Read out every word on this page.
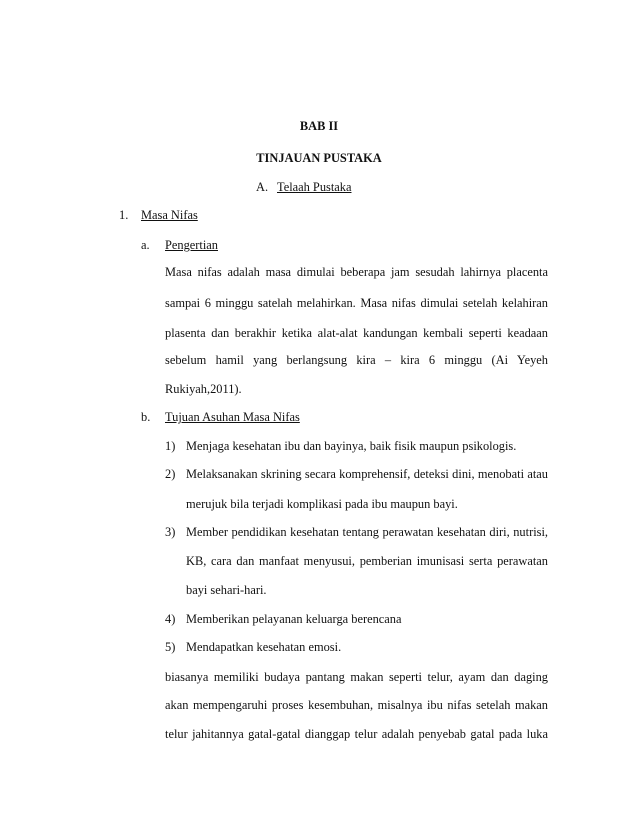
BAB II
TINJAUAN PUSTAKA
A. Telaah Pustaka
1. Masa Nifas
a. Pengertian
Masa nifas adalah masa dimulai beberapa jam sesudah lahirnya placenta
sampai 6 minggu satelah melahirkan. Masa nifas dimulai setelah kelahiran
plasenta dan berakhir ketika alat-alat kandungan kembali seperti keadaan
sebelum hamil yang berlangsung kira – kira 6 minggu (Ai Yeyeh
Rukiyah,2011).
b. Tujuan Asuhan Masa Nifas
1) Menjaga kesehatan ibu dan bayinya, baik fisik maupun psikologis.
2) Melaksanakan skrining secara komprehensif, deteksi dini, menobati atau
merujuk bila terjadi komplikasi pada ibu maupun bayi.
3) Member pendidikan kesehatan tentang perawatan kesehatan diri, nutrisi,
KB, cara dan manfaat menyusui, pemberian imunisasi serta perawatan
bayi sehari-hari.
4) Memberikan pelayanan keluarga berencana
5) Mendapatkan kesehatan emosi.
biasanya memiliki budaya pantang makan seperti telur, ayam dan daging
akan mempengaruhi proses kesembuhan, misalnya ibu nifas setelah makan
telur jahitannya gatal-gatal dianggap telur adalah penyebab gatal pada luka
